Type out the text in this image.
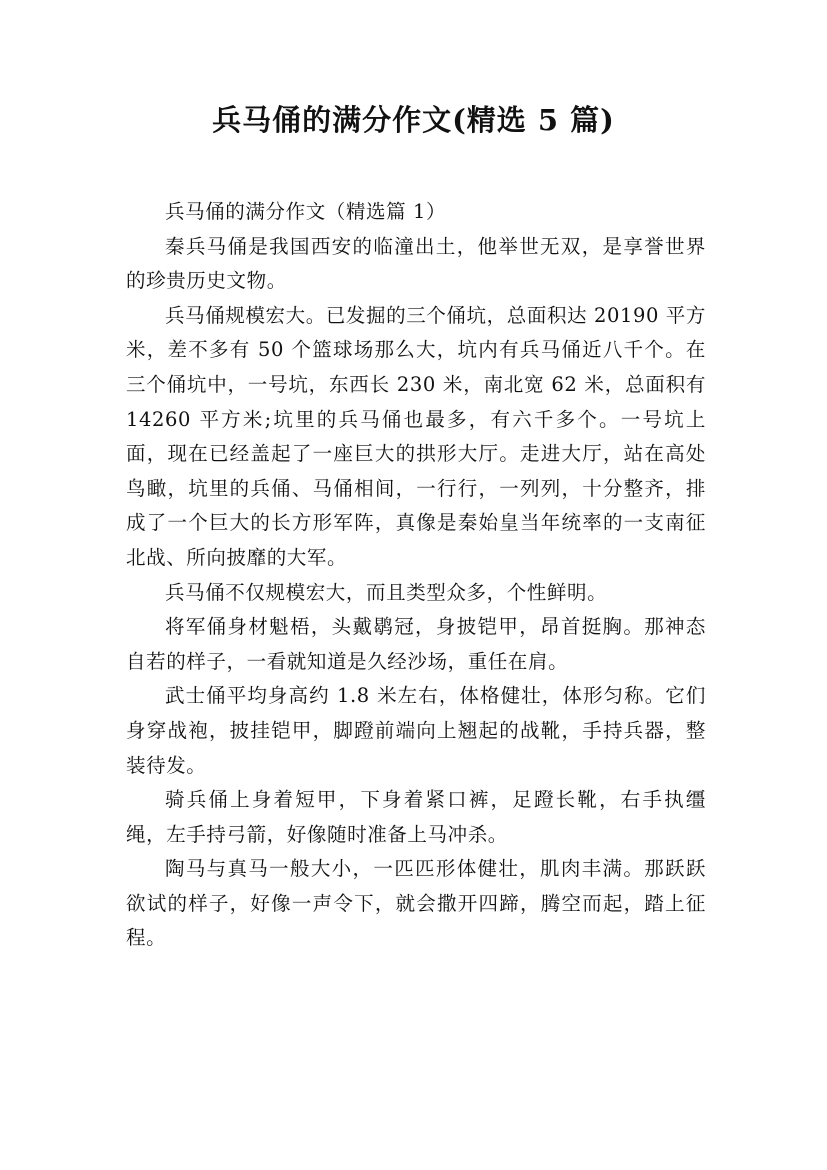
兵马俑的满分作文(精选 5 篇)

兵马俑的满分作文（精选篇 1）

秦兵马俑是我国西安的临潼出土，他举世无双，是享誉世界的珍贵历史文物。

兵马俑规模宏大。已发掘的三个俑坑，总面积达 20190 平方米，差不多有 50 个篮球场那么大，坑内有兵马俑近八千个。在三个俑坑中，一号坑，东西长 230 米，南北宽 62 米，总面积有 14260 平方米;坑里的兵马俑也最多，有六千多个。一号坑上面，现在已经盖起了一座巨大的拱形大厅。走进大厅，站在高处鸟瞰，坑里的兵俑、马俑相间，一行行，一列列，十分整齐，排成了一个巨大的长方形军阵，真像是秦始皇当年统率的一支南征北战、所向披靡的大军。

兵马俑不仅规模宏大，而且类型众多，个性鲜明。

将军俑身材魁梧，头戴鹖冠，身披铠甲，昂首挺胸。那神态自若的样子，一看就知道是久经沙场，重任在肩。

武士俑平均身高约 1.8 米左右，体格健壮，体形匀称。它们身穿战袍，披挂铠甲，脚蹬前端向上翘起的战靴，手持兵器，整装待发。

骑兵俑上身着短甲，下身着紧口裤，足蹬长靴，右手执缰绳，左手持弓箭，好像随时准备上马冲杀。

陶马与真马一般大小，一匹匹形体健壮，肌肉丰满。那跃跃欲试的样子，好像一声令下，就会撒开四蹄，腾空而起，踏上征程。
